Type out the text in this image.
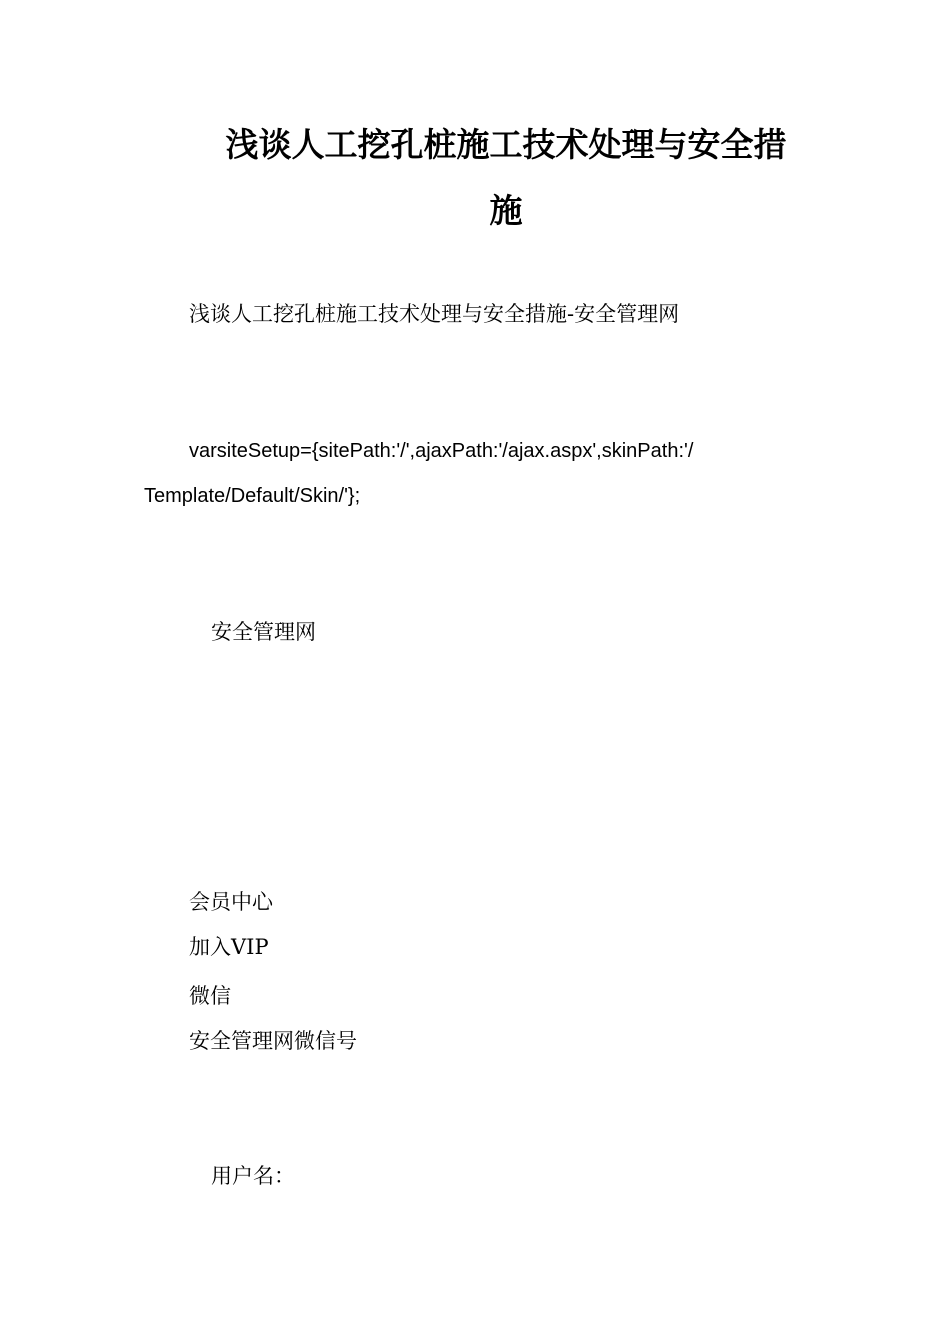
浅谈人工挖孔桩施工技术处理与安全措
施
浅谈人工挖孔桩施工技术处理与安全措施-安全管理网
varsiteSetup={sitePath:'/',ajaxPath:'/ajax.aspx',skinPath:'/
Template/Default/Skin/'};
安全管理网
会员中心
加入VIP
微信
安全管理网微信号
用户名：
